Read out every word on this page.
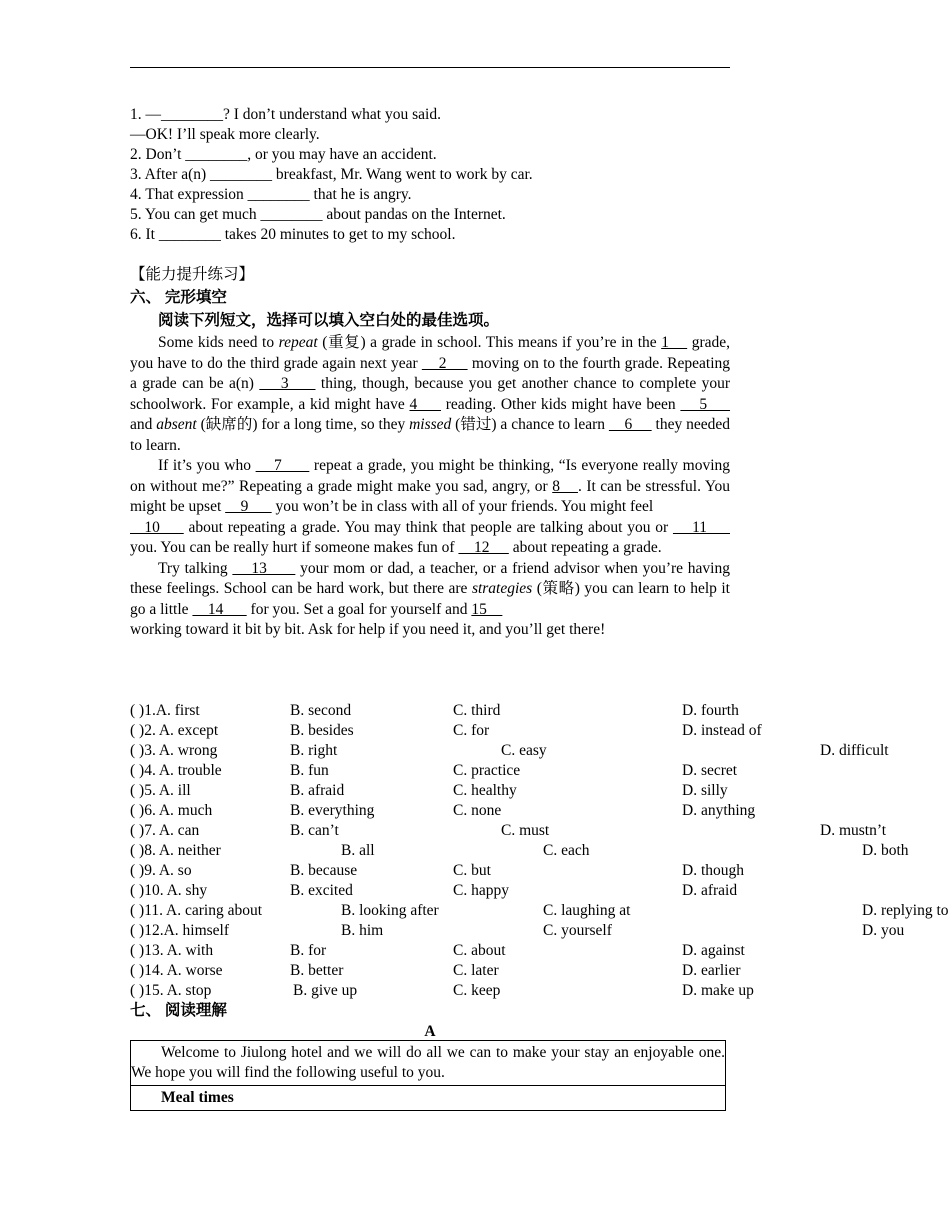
1. —________? I don’t understand what you said.
—OK! I’ll speak more clearly.
2. Don’t ________, or you may have an accident.
3. After a(n) ________ breakfast, Mr. Wang went to work by car.
4. That expression ________ that he is angry.
5. You can get much ________ about pandas on the Internet.
6. It ________ takes 20 minutes to get to my school.
【能力提升练习】
六、 完形填空
阅读下列短文，选择可以填入空白处的最佳选项。

Some kids need to repeat (重复) a grade in school. This means if you’re in the 1     grade, you have to do the third grade again next year     2      moving on to the fourth grade. Repeating a grade can be a(n)     3      thing, though, because you get another chance to complete your schoolwork. For example, a kid might have 4      reading. Other kids might have been     5      and absent (缺席的) for a long time, so they missed (错过) a chance to learn     6      they needed to learn.

If it’s you who     7       repeat a grade, you might be thinking, “Is everyone really moving on without me?” Repeating a grade might make you sad, angry, or 8    . It can be stressful. You might be upset     9       you won’t be in class with all of your friends. You might feel
10      about repeating a grade. You may think that people are talking about you or     11      you. You can be really hurt if someone makes fun of     12      about repeating a grade.

Try talking     13       your mom or dad, a teacher, or a friend advisor when you’re having these feelings. School can be hard work, but there are strategies (策略) you can learn to help it go a little     14       for you. Set a goal for yourself and 15
working toward it bit by bit. Ask for help if you need it, and you’ll get there!

( )1.A. first	B. second	C. third	D. fourth
( )2. A. except	B. besides	C. for	D. instead of
( )3. A. wrong	B. right	C. easy	D. difficult
( )4. A. trouble	B. fun	C. practice	D. secret
( )5. A. ill	B. afraid	C. healthy	D. silly
( )6. A. much	B. everything	C. none	D. anything
( )7. A. can	B. can’t	C. must	D. mustn’t
( )8. A. neither	B. all	C. each	D. both
( )9. A. so	B. because	C. but	D. though
( )10. A. shy	B. excited	C. happy	D. afraid
( )11. A. caring about	B. looking after	C. laughing at	D. replying to
( )12.A. himself	B. him	C. yourself	D. you
( )13. A. with	B. for	C. about	D. against
( )14. A. worse	B. better	C. later	D. earlier
( )15. A. stop	B. give up	C. keep	D. make up
七、 阅读理解
A
Welcome to Jiulong hotel and we will do all we can to make your stay an enjoyable one. We hope you will find the following useful to you.
Meal times
